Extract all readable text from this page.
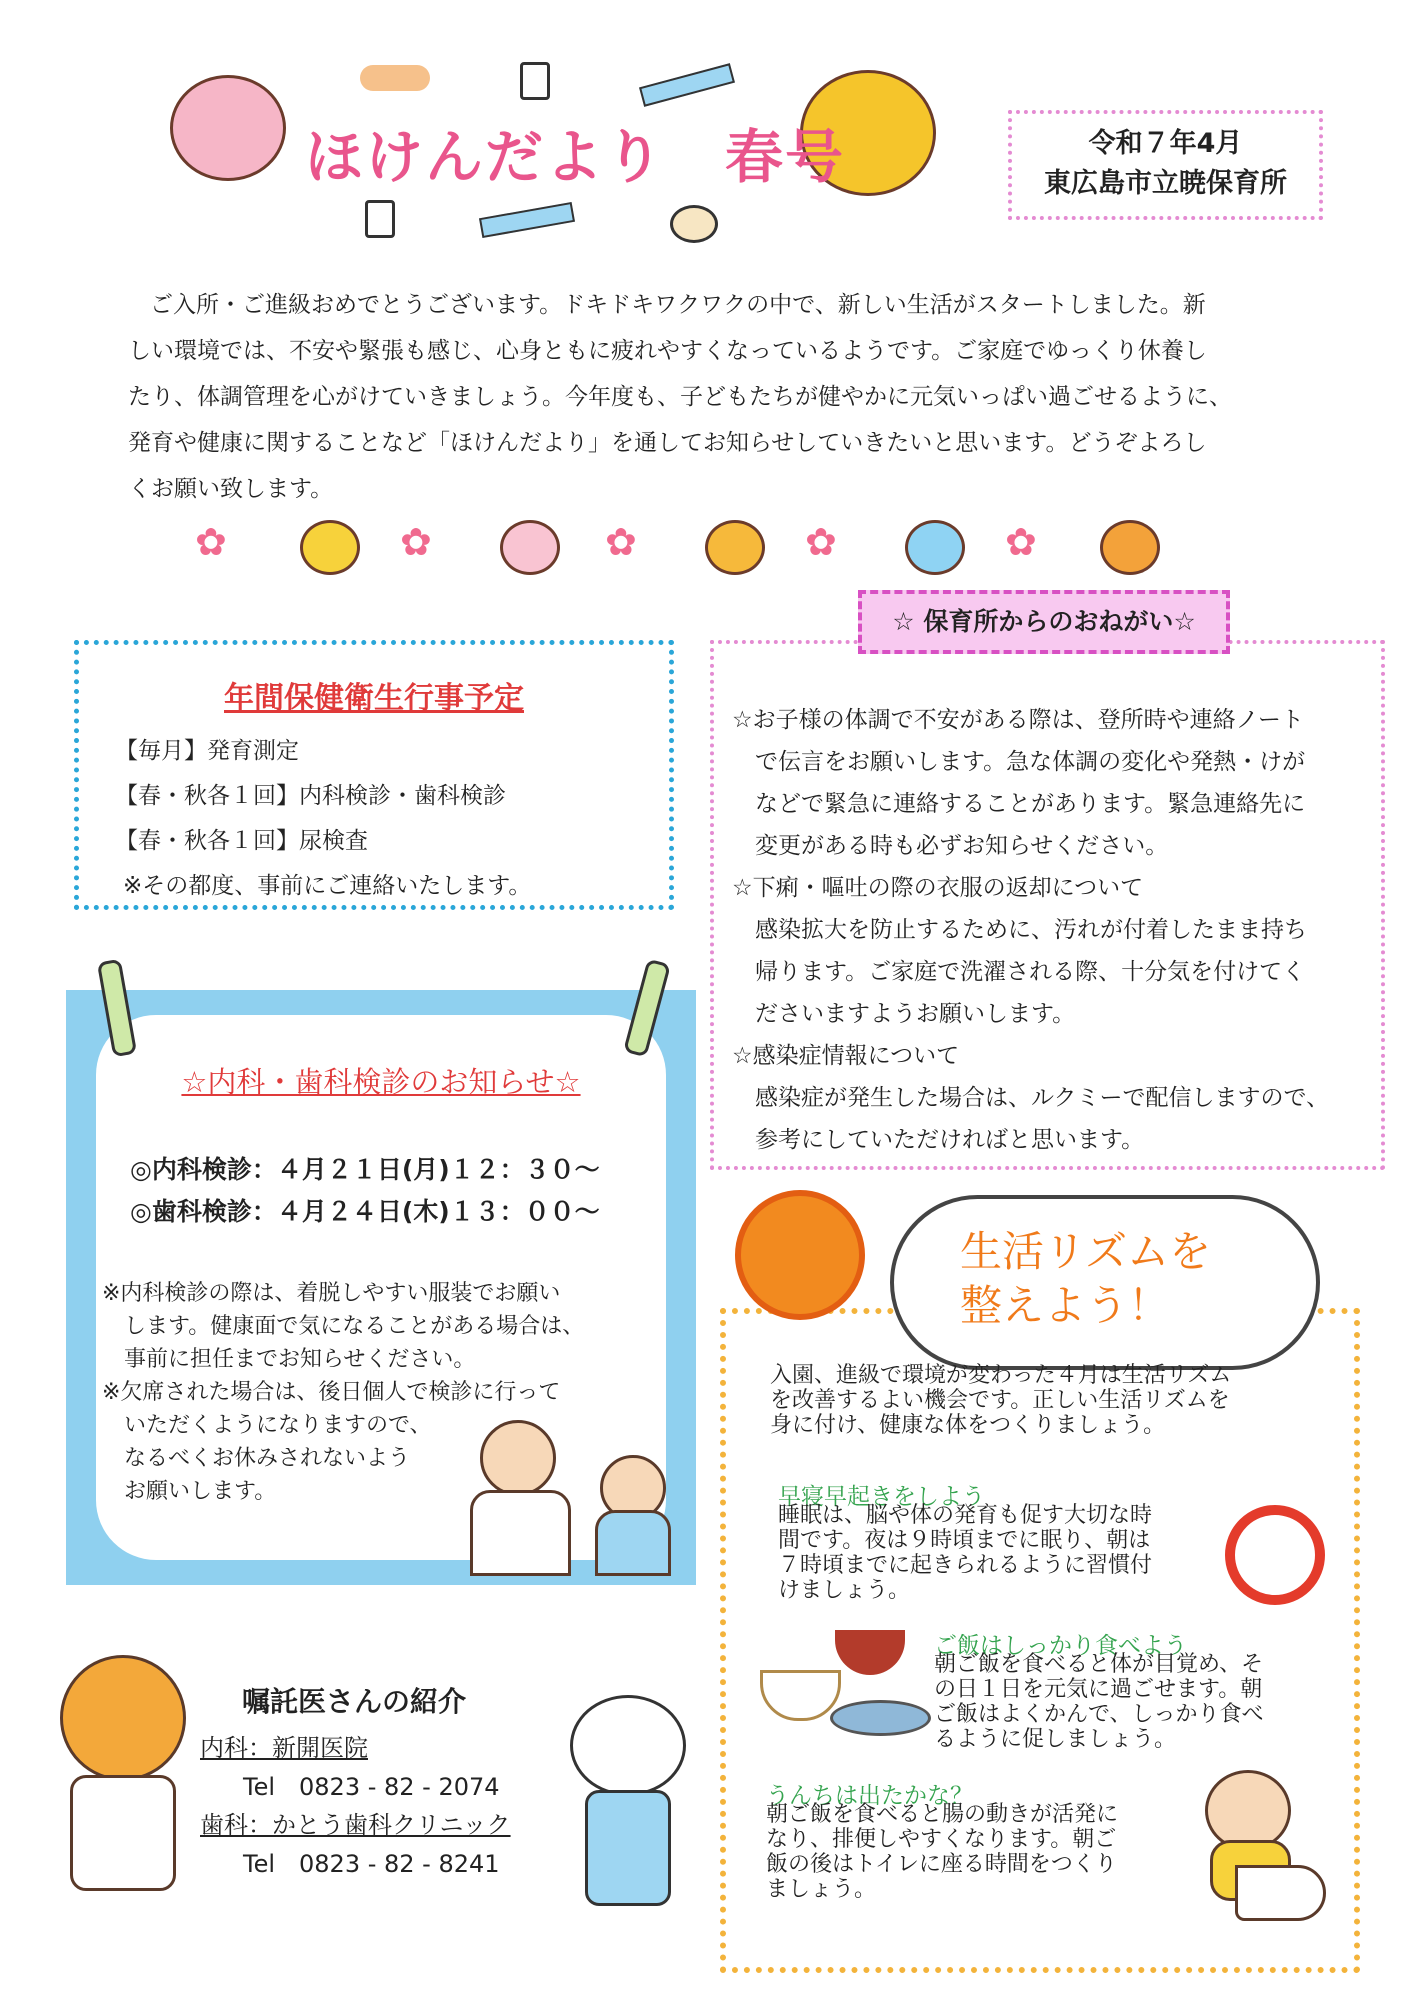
ほけんだより　春号	令和７年4月
東広島市立暁保育所
ご入所・ご進級おめでとうございます。ドキドキワクワクの中で、新しい生活がスタートしました。新
しい環境では、不安や緊張も感じ、心身ともに疲れやすくなっているようです。ご家庭でゆっくり休養し
たり、体調管理を心がけていきましょう。今年度も、子どもたちが健やかに元気いっぱい過ごせるように、
発育や健康に関することなど「ほけんだより」を通してお知らせしていきたいと思います。どうぞよろし
くお願い致します。
✿	✿	✿	✿	✿
年間保健衛生行事予定
【毎月】発育測定
【春・秋各１回】内科検診・歯科検診
【春・秋各１回】尿検査
※その都度、事前にご連絡いたします。
☆お子様の体調で不安がある際は、登所時や連絡ノート
　で伝言をお願いします。急な体調の変化や発熱・けが
　などで緊急に連絡することがあります。緊急連絡先に
　変更がある時も必ずお知らせください。
☆下痢・嘔吐の際の衣服の返却について
　感染拡大を防止するために、汚れが付着したまま持ち
　帰ります。ご家庭で洗濯される際、十分気を付けてく
　ださいますようお願いします。
☆感染症情報について
　感染症が発生した場合は、ルクミーで配信しますので、
　参考にしていただければと思います。
☆ 保育所からのおねがい☆
☆内科・歯科検診のお知らせ☆
◎内科検診：４月２１日(月)１２：３０～
◎歯科検診：４月２４日(木)１３：００～
※内科検診の際は、着脱しやすい服装でお願い
　します。健康面で気になることがある場合は、
　事前に担任までお知らせください。
※欠席された場合は、後日個人で検診に行って
　いただくようになりますので、
　なるべくお休みされないよう
　お願いします。
嘱託医さんの紹介
内科：新開医院
Tel　0823 - 82 - 2074
歯科：かとう歯科クリニック
Tel　0823 - 82 - 8241
生活リズムを
整えよう！
入園、進級で環境が変わった４月は生活リズム
を改善するよい機会です。正しい生活リズムを
身に付け、健康な体をつくりましょう。
早寝早起きをしよう
睡眠は、脳や体の発育も促す大切な時
間です。夜は９時頃までに眠り、朝は
７時頃までに起きられるように習慣付
けましょう。
ご飯はしっかり食べよう
朝ご飯を食べると体が目覚め、そ
の日１日を元気に過ごせます。朝
ご飯はよくかんで、しっかり食べ
るように促しましょう。
うんちは出たかな？
朝ご飯を食べると腸の動きが活発に
なり、排便しやすくなります。朝ご
飯の後はトイレに座る時間をつくり
ましょう。
